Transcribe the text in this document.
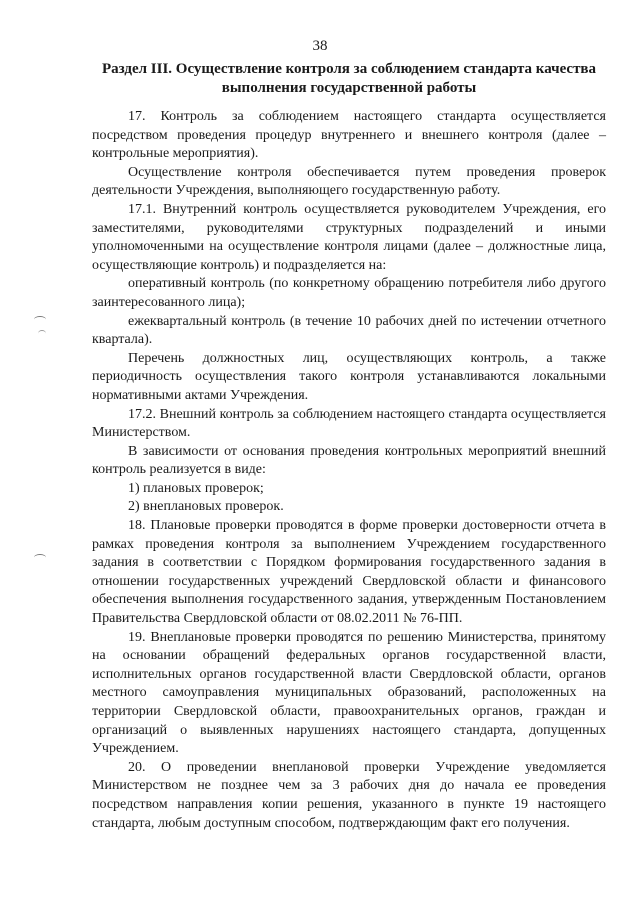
38
Раздел III. Осуществление контроля за соблюдением стандарта качества выполнения государственной работы

17. Контроль за соблюдением настоящего стандарта осуществляется посредством проведения процедур внутреннего и внешнего контроля (далее – контрольные мероприятия).

Осуществление контроля обеспечивается путем проведения проверок деятельности Учреждения, выполняющего государственную работу.

17.1. Внутренний контроль осуществляется руководителем Учреждения, его заместителями, руководителями структурных подразделений и иными уполномоченными на осуществление контроля лицами (далее – должностные лица, осуществляющие контроль) и подразделяется на:

оперативный контроль (по конкретному обращению потребителя либо другого заинтересованного лица);

ежеквартальный контроль (в течение 10 рабочих дней по истечении отчетного квартала).

Перечень должностных лиц, осуществляющих контроль, а также периодичность осуществления такого контроля устанавливаются локальными нормативными актами Учреждения.

17.2. Внешний контроль за соблюдением настоящего стандарта осуществляется Министерством.

В зависимости от основания проведения контрольных мероприятий внешний контроль реализуется в виде:

1) плановых проверок;

2) внеплановых проверок.

18. Плановые проверки проводятся в форме проверки достоверности отчета в рамках проведения контроля за выполнением Учреждением государственного задания в соответствии с Порядком формирования государственного задания в отношении государственных учреждений Свердловской области и финансового обеспечения выполнения государственного задания, утвержденным Постановлением Правительства Свердловской области от 08.02.2011 № 76-ПП.

19. Внеплановые проверки проводятся по решению Министерства, принятому на основании обращений федеральных органов государственной власти, исполнительных органов государственной власти Свердловской области, органов местного самоуправления муниципальных образований, расположенных на территории Свердловской области, правоохранительных органов, граждан и организаций о выявленных нарушениях настоящего стандарта, допущенных Учреждением.

20. О проведении внеплановой проверки Учреждение уведомляется Министерством не позднее чем за 3 рабочих дня до начала ее проведения посредством направления копии решения, указанного в пункте 19 настоящего стандарта, любым доступным способом, подтверждающим факт его получения.
